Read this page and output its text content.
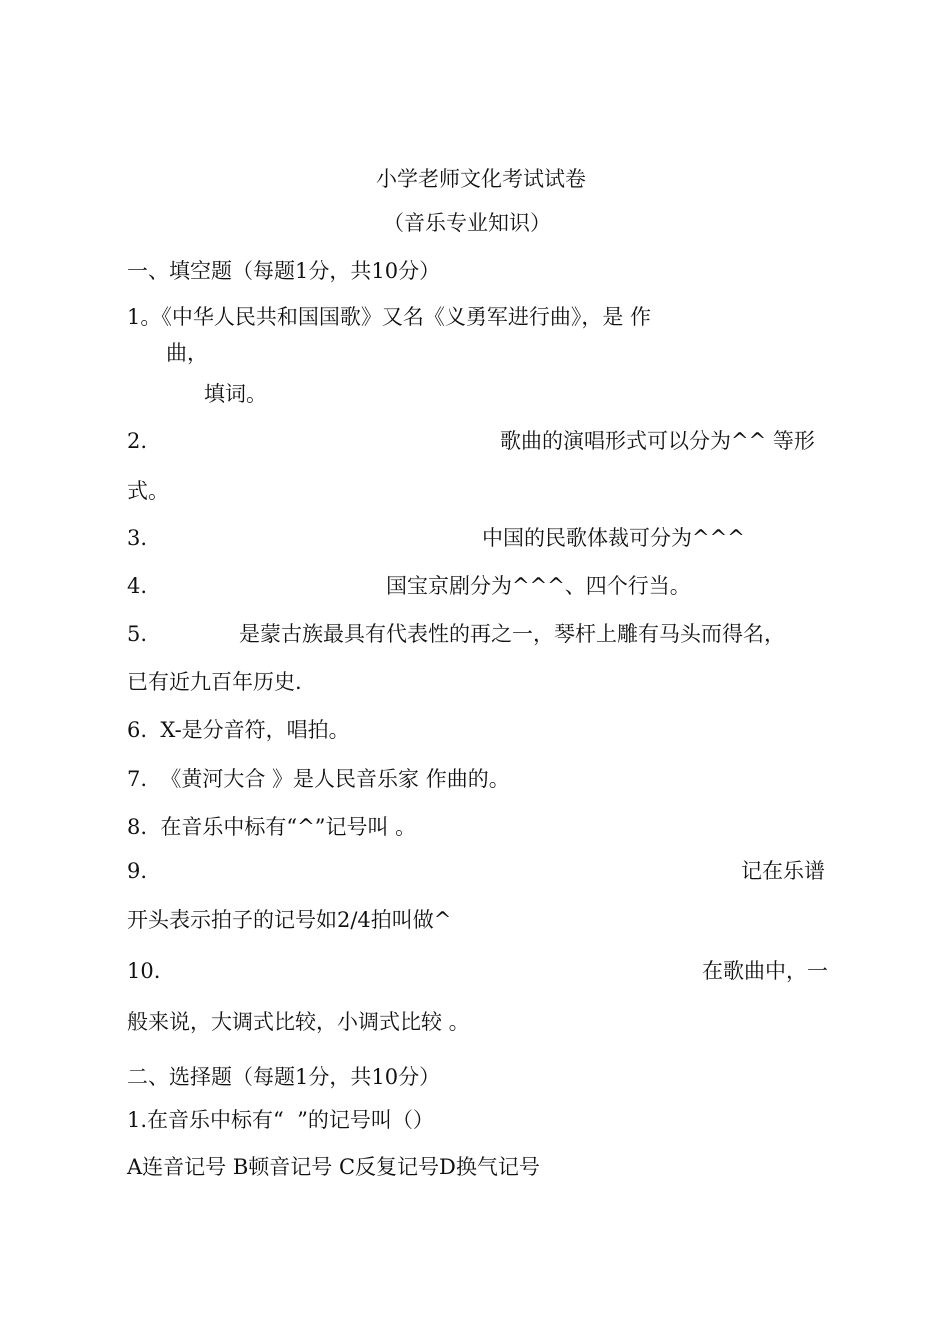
小学老师文化考试试卷
（音乐专业知识）
一、填空题（每题1分，共10分）
1。《中华人民共和国国歌》又名《义勇军进行曲》，是 作
曲，
填词。
2.	歌曲的演唱形式可以分为^^ 等形
式。
3.	中国的民歌体裁可分为^^^
4.	国宝京剧分为^^^、四个行当。
5.	是蒙古族最具有代表性的再之一，琴杆上雕有马头而得名，
已有近九百年历史.
6.  X-是分音符，唱拍。
7.  《黄河大合 》是人民音乐家 作曲的。
8.  在音乐中标有“^”记号叫 。
9.	记在乐谱
开头表示拍子的记号如2/4拍叫做^
10.	在歌曲中，一
般来说，大调式比较，小调式比较 。
二、选择题（每题1分，共10分）
1.在音乐中标有“  ”的记号叫（）
A连音记号 B顿音记号 C反复记号D换气记号
